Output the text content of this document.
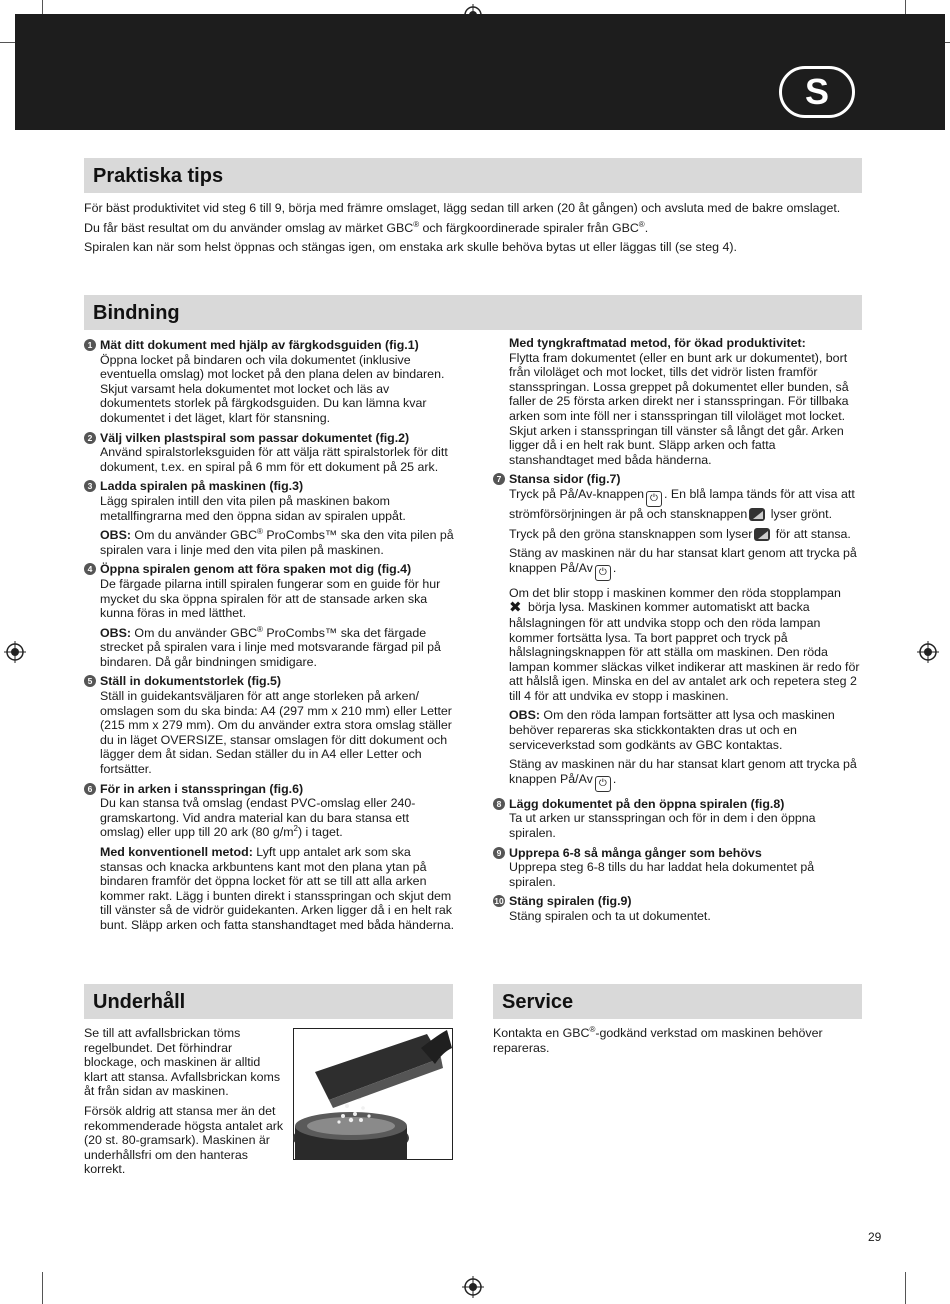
S
Praktiska tips

För bäst produktivitet vid steg 6 till 9, börja med främre omslaget, lägg sedan till arken (20 åt gången) och avsluta med de bakre omslaget.

Du får bäst resultat om du använder omslag av märket GBC® och färgkoordinerade spiraler från GBC®.

Spiralen kan när som helst öppnas och stängas igen, om enstaka ark skulle behöva bytas ut eller läggas till (se steg 4).

Bindning
1 Mät ditt dokument med hjälp av färgkodsguiden (fig.1)
Öppna locket på bindaren och vila dokumentet (inklusive eventuella omslag) mot locket på den plana delen av bindaren. Skjut varsamt hela dokumentet mot locket och läs av dokumentets storlek på färgkodsguiden. Du kan lämna kvar dokumentet i det läget, klart för stansning.
2 Välj vilken plastspiral som passar dokumentet (fig.2)
Använd spiralstorleksguiden för att välja rätt spiralstorlek för ditt dokument, t.ex. en spiral på 6 mm för ett dokument på 25 ark.
3 Ladda spiralen på maskinen (fig.3)
Lägg spiralen intill den vita pilen på maskinen bakom metallfingrarna med den öppna sidan av spiralen uppåt.
OBS: Om du använder GBC® ProCombs™ ska den vita pilen på spiralen vara i linje med den vita pilen på maskinen.
4 Öppna spiralen genom att föra spaken mot dig (fig.4)
De färgade pilarna intill spiralen fungerar som en guide för hur mycket du ska öppna spiralen för att de stansade arken ska kunna föras in med lätthet.
OBS: Om du använder GBC® ProCombs™ ska det färgade strecket på spiralen vara i linje med motsvarande färgad pil på bindaren. Då går bindningen smidigare.
5 Ställ in dokumentstorlek (fig.5)
Ställ in guidekantsväljaren för att ange storleken på arken/ omslagen som du ska binda: A4 (297 mm x 210 mm) eller Letter (215 mm x 279 mm). Om du använder extra stora omslag ställer du in läget OVERSIZE, stansar omslagen för ditt dokument och lägger dem åt sidan. Sedan ställer du in A4 eller Letter och fortsätter.
6 För in arken i stansspringan (fig.6)
Du kan stansa två omslag (endast PVC-omslag eller 240-gramskartong. Vid andra material kan du bara stansa ett omslag) eller upp till 20 ark (80 $g/m^2$) i taget.
Med konventionell metod: Lyft upp antalet ark som ska stansas och knacka arkbuntens kant mot den plana ytan på bindaren framför det öppna locket för att se till att alla arken kommer rakt. Lägg i bunten direkt i stansspringan och skjut dem till vänster så de vidrör guidekanten. Arken ligger då i en helt rak bunt. Släpp arken och fatta stanshandtaget med båda händerna.
Med tyngkraftmatad metod, för ökad produktivitet:
Flytta fram dokumentet (eller en bunt ark ur dokumentet), bort från viloläget och mot locket, tills det vidrör listen framför stansspringan. Lossa greppet på dokumentet eller bunden, så faller de 25 första arken direkt ner i stansspringan. För tillbaka arken som inte föll ner i stansspringan till viloläget mot locket. Skjut arken i stansspringan till vänster så långt det går. Arken ligger då i en helt rak bunt. Släpp arken och fatta stanshandtaget med båda händerna.
7 Stansa sidor (fig.7)

Tryck på På/Av-knappen ⏻ . En blå lampa tänds för att visa att strömförsörjningen är på och stansknappen lyser grönt.

Tryck på den gröna stansknappen som lyser för att stansa.

Stäng av maskinen när du har stansat klart genom att trycka på knappen På/Av ⏻ .

Om det blir stopp i maskinen kommer den röda stopplampan
✖ börja lysa. Maskinen kommer automatiskt att backa hålslagningen för att undvika stopp och den röda lampan kommer fortsätta lysa. Ta bort pappret och tryck på hålslagningsknappen för att ställa om maskinen. Den röda lampan kommer släckas vilket indikerar att maskinen är redo för att hålslå igen. Minska en del av antalet ark och repetera steg 2 till 4 för att undvika ev stopp i maskinen.

OBS: Om den röda lampan fortsätter att lysa och maskinen behöver repareras ska stickkontakten dras ut och en serviceverkstad som godkänts av GBC kontaktas.

Stäng av maskinen när du har stansat klart genom att trycka på knappen På/Av ⏻ .

8 Lägg dokumentet på den öppna spiralen (fig.8)
Ta ut arken ur stansspringan och för in dem i den öppna spiralen.
9 Upprepa 6-8 så många gånger som behövs
Upprepa steg 6-8 tills du har laddat hela dokumentet på spiralen.
10 Stäng spiralen (fig.9)
Stäng spiralen och ta ut dokumentet.
Underhåll

Se till att avfallsbrickan töms regelbundet. Det förhindrar blockage, och maskinen är alltid klart att stansa. Avfallsbrickan koms åt från sidan av maskinen.

Försök aldrig att stansa mer än det rekommenderade högsta antalet ark (20 st. 80-gramsark). Maskinen är underhållsfri om den hanteras korrekt.

Service

Kontakta en GBC®-godkänd verkstad om maskinen behöver repareras.

29
